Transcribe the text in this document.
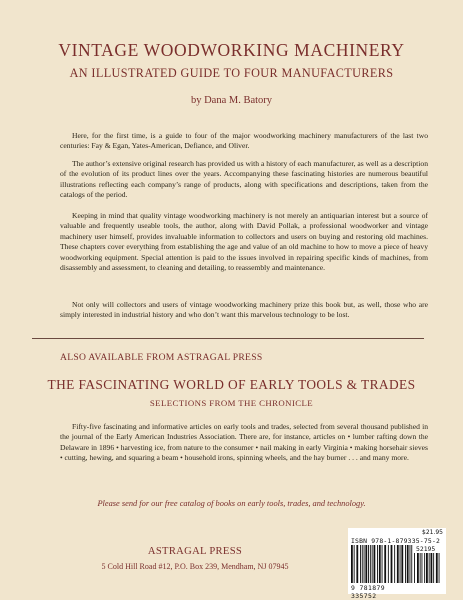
VINTAGE WOODWORKING MACHINERY
AN ILLUSTRATED GUIDE TO FOUR MANUFACTURERS

by Dana M. Batory

Here, for the first time, is a guide to four of the major woodworking machinery manufacturers of the last two centuries: Fay & Egan, Yates-American, Defiance, and Oliver.

The author’s extensive original research has provided us with a history of each manufacturer, as well as a description of the evolution of its product lines over the years. Accompanying these fascinating histories are numerous beautiful illustrations reflecting each company’s range of products, along with specifications and descriptions, taken from the catalogs of the period.

Keeping in mind that quality vintage woodworking machinery is not merely an antiquarian interest but a source of valuable and frequently useable tools, the author, along with David Pollak, a professional woodworker and vintage machinery user himself, provides invaluable information to collectors and users on buying and restoring old machines. These chapters cover everything from establishing the age and value of an old machine to how to move a piece of heavy woodworking equipment. Special attention is paid to the issues involved in repairing specific kinds of machines, from disassembly and assessment, to cleaning and detailing, to reassembly and maintenance.

Not only will collectors and users of vintage woodworking machinery prize this book but, as well, those who are simply interested in industrial history and who don’t want this marvelous technology to be lost.

ALSO AVAILABLE FROM ASTRAGAL PRESS

THE FASCINATING WORLD OF EARLY TOOLS & TRADES

SELECTIONS FROM THE CHRONICLE

Fifty-five fascinating and informative articles on early tools and trades, selected from several thousand published in the journal of the Early American Industries Association. There are, for instance, articles on • lumber rafting down the Delaware in 1896 • harvesting ice, from nature to the consumer • nail making in early Virginia • making horsehair sieves • cutting, hewing, and squaring a beam • household irons, spinning wheels, and the hay burner . . . and many more.

Please send for our free catalog of books on early tools, trades, and technology.

ASTRAGAL PRESS

5 Cold Hill Road #12, P.O. Box 239, Mendham, NJ 07945

$21.95

ISBN 978-1-879335-75-2

52195

9 781879 335752
